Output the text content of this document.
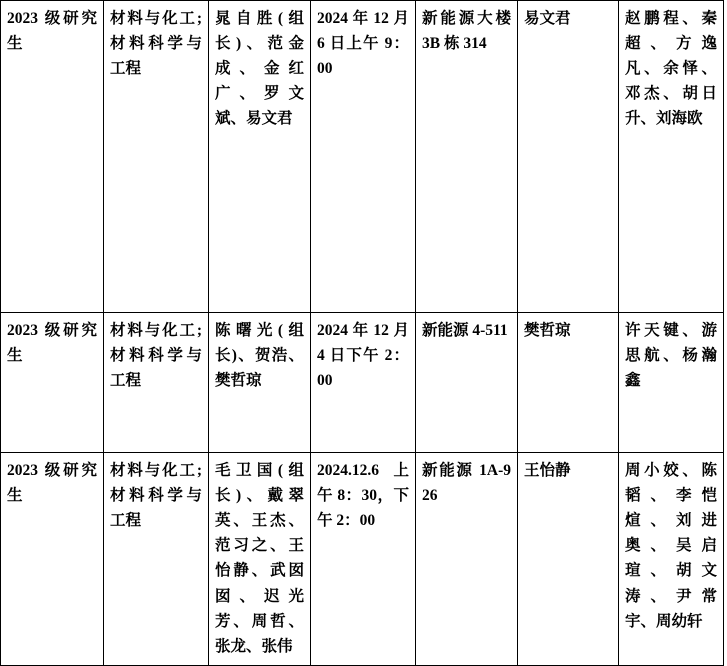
2023 级研究生	材料与化工;材料科学与工程	晁自胜(组长)、范金成、金红广、罗文斌、易文君	2024 年 12 月 6 日上午 9：00	新能源大楼 3B 栋 314	易文君	赵鹏程、秦超、方逸凡、余怿、邓杰、胡日升、刘海欧

2023 级研究生	材料与化工;材料科学与工程	陈曙光(组长)、贺浩、樊哲琼	2024 年 12 月 4 日下午 2：00	新能源 4-511	樊哲琼	许天键、游思航、杨瀚鑫

2023 级研究生	材料与化工;材料科学与工程	毛卫国(组长)、戴翠英、王杰、范习之、王怡静、武囡囡、迟光芳、周哲、张龙、张伟	2024.12.6 上午 8：30，下午 2：00	新能源 1A-926	王怡静	周小姣、陈韬、李恺煊、刘进奥、吴启瑄、胡文涛、尹常宇、周幼轩
